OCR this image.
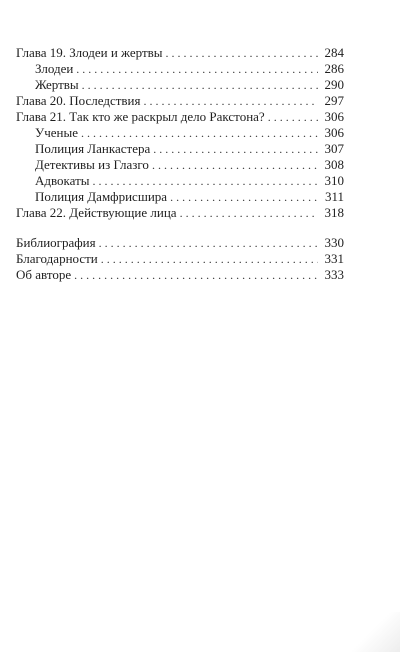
Глава 19. Злодеи и жертвы . . .	284
Злодеи . . .	286
Жертвы . . .	290
Глава 20. Последствия . . .	297
Глава 21. Так кто же раскрыл дело Ракстона? . . .	306
Ученые . . .	306
Полиция Ланкастера . . .	307
Детективы из Глазго . . .	308
Адвокаты . . .	310
Полиция Дамфрисшира . . .	311
Глава 22. Действующие лица . . .	318
Библиография . . .	330
Благодарности . . .	331
Об авторе . . .	333
